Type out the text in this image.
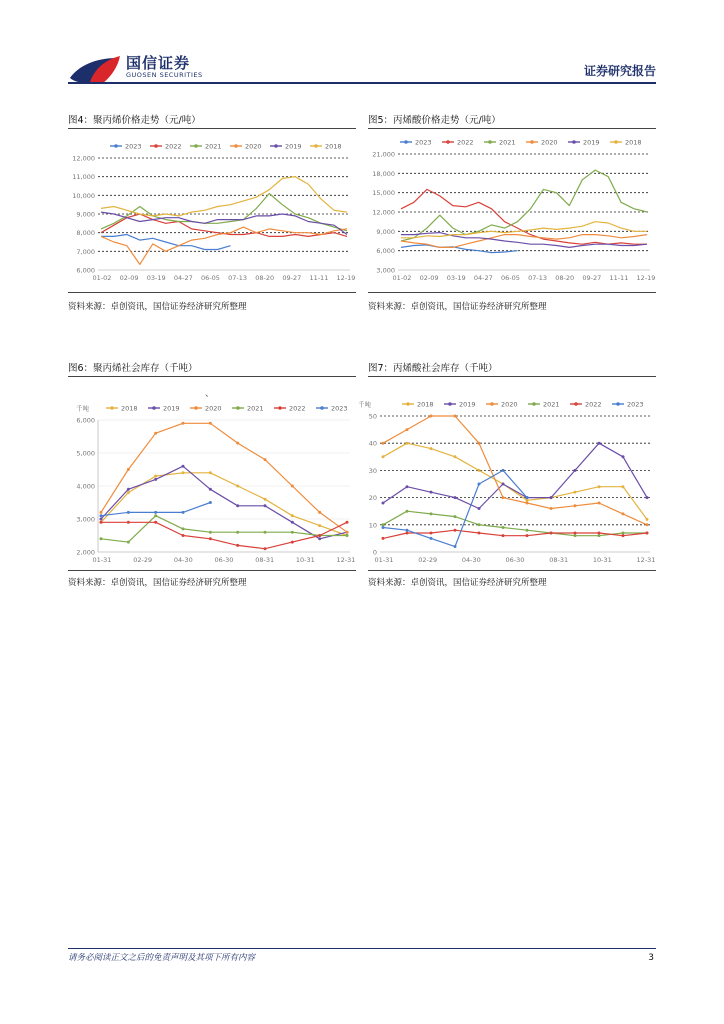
国信证券
GUOSEN SECURITIES	证券研究报告
图4：聚丙烯价格走势（元/吨）
2023	2022	2021	2020	2019	2018
12,000
11,000
10,000
9,000
8,000
7,000
6,000
01-02 02-09 03-19 04-27 06-05 07-13 08-20 09-27 11-11 12-19
资料来源：卓创资讯，国信证券经济研究所整理
图5：丙烯酸价格走势（元/吨）
2023	2022	2021	2020	2019	2018
21,000
18,000
15,000
12,000
9,000
6,000
3,000
01-02 02-09 03-19 04-27 06-05 07-13 08-20 09-27 11-11 12-19
资料来源：卓创资讯，国信证券经济研究所整理
图6：聚丙烯社会库存（千吨）
2018	2019	2020	2021	2022	2023
千吨
6,000
5,000
4,000
3,000
2,000
01-31	02-29	04-30	06-30	08-31	10-31	12-31
资料来源：卓创资讯，国信证券经济研究所整理
图7：丙烯酸社会库存（千吨）
2018	2019	2020	2021	2022	2023
千吨
50
40
30
20
10
0
01-31	02-29	04-30	06-30	08-31	10-31	12-31
资料来源：卓创资讯，国信证券经济研究所整理
、
请务必阅读正文之后的免责声明及其项下所有内容	3
